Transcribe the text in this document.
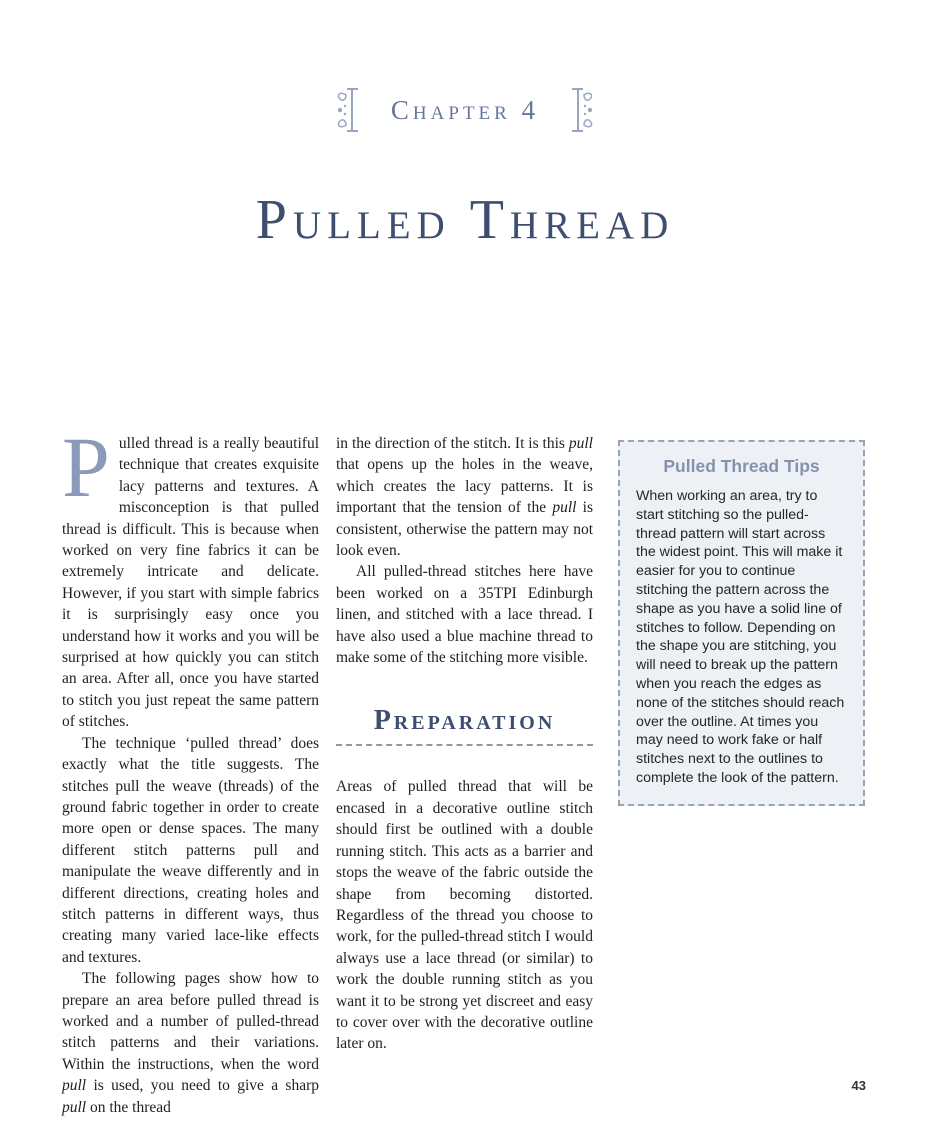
Chapter 4
Pulled Thread

Pulled thread is a really beautiful technique that creates exquisite lacy patterns and textures. A misconception is that pulled thread is difficult. This is because when worked on very fine fabrics it can be extremely intricate and delicate. However, if you start with simple fabrics it is surprisingly easy once you understand how it works and you will be surprised at how quickly you can stitch an area. After all, once you have started to stitch you just repeat the same pattern of stitches.

The technique ‘pulled thread’ does exactly what the title suggests. The stitches pull the weave (threads) of the ground fabric together in order to create more open or dense spaces. The many different stitch patterns pull and manipulate the weave differently and in different directions, creating holes and stitch patterns in different ways, thus creating many varied lace-like effects and textures.

The following pages show how to prepare an area before pulled thread is worked and a number of pulled-thread stitch patterns and their variations. Within the instructions, when the word pull is used, you need to give a sharp pull on the thread

in the direction of the stitch. It is this pull that opens up the holes in the weave, which creates the lacy patterns. It is important that the tension of the pull is consistent, otherwise the pattern may not look even.

All pulled-thread stitches here have been worked on a 35TPI Edinburgh linen, and stitched with a lace thread. I have also used a blue machine thread to make some of the stitching more visible.

Preparation

Areas of pulled thread that will be encased in a decorative outline stitch should first be outlined with a double running stitch. This acts as a barrier and stops the weave of the fabric outside the shape from becoming distorted. Regardless of the thread you choose to work, for the pulled-thread stitch I would always use a lace thread (or similar) to work the double running stitch as you want it to be strong yet discreet and easy to cover over with the decorative outline later on.

Pulled Thread Tips
When working an area, try to start stitching so the pulled-thread pattern will start across the widest point. This will make it easier for you to continue stitching the pattern across the shape as you have a solid line of stitches to follow. Depending on the shape you are stitching, you will need to break up the pattern when you reach the edges as none of the stitches should reach over the outline. At times you may need to work fake or half stitches next to the outlines to complete the look of the pattern.
43
